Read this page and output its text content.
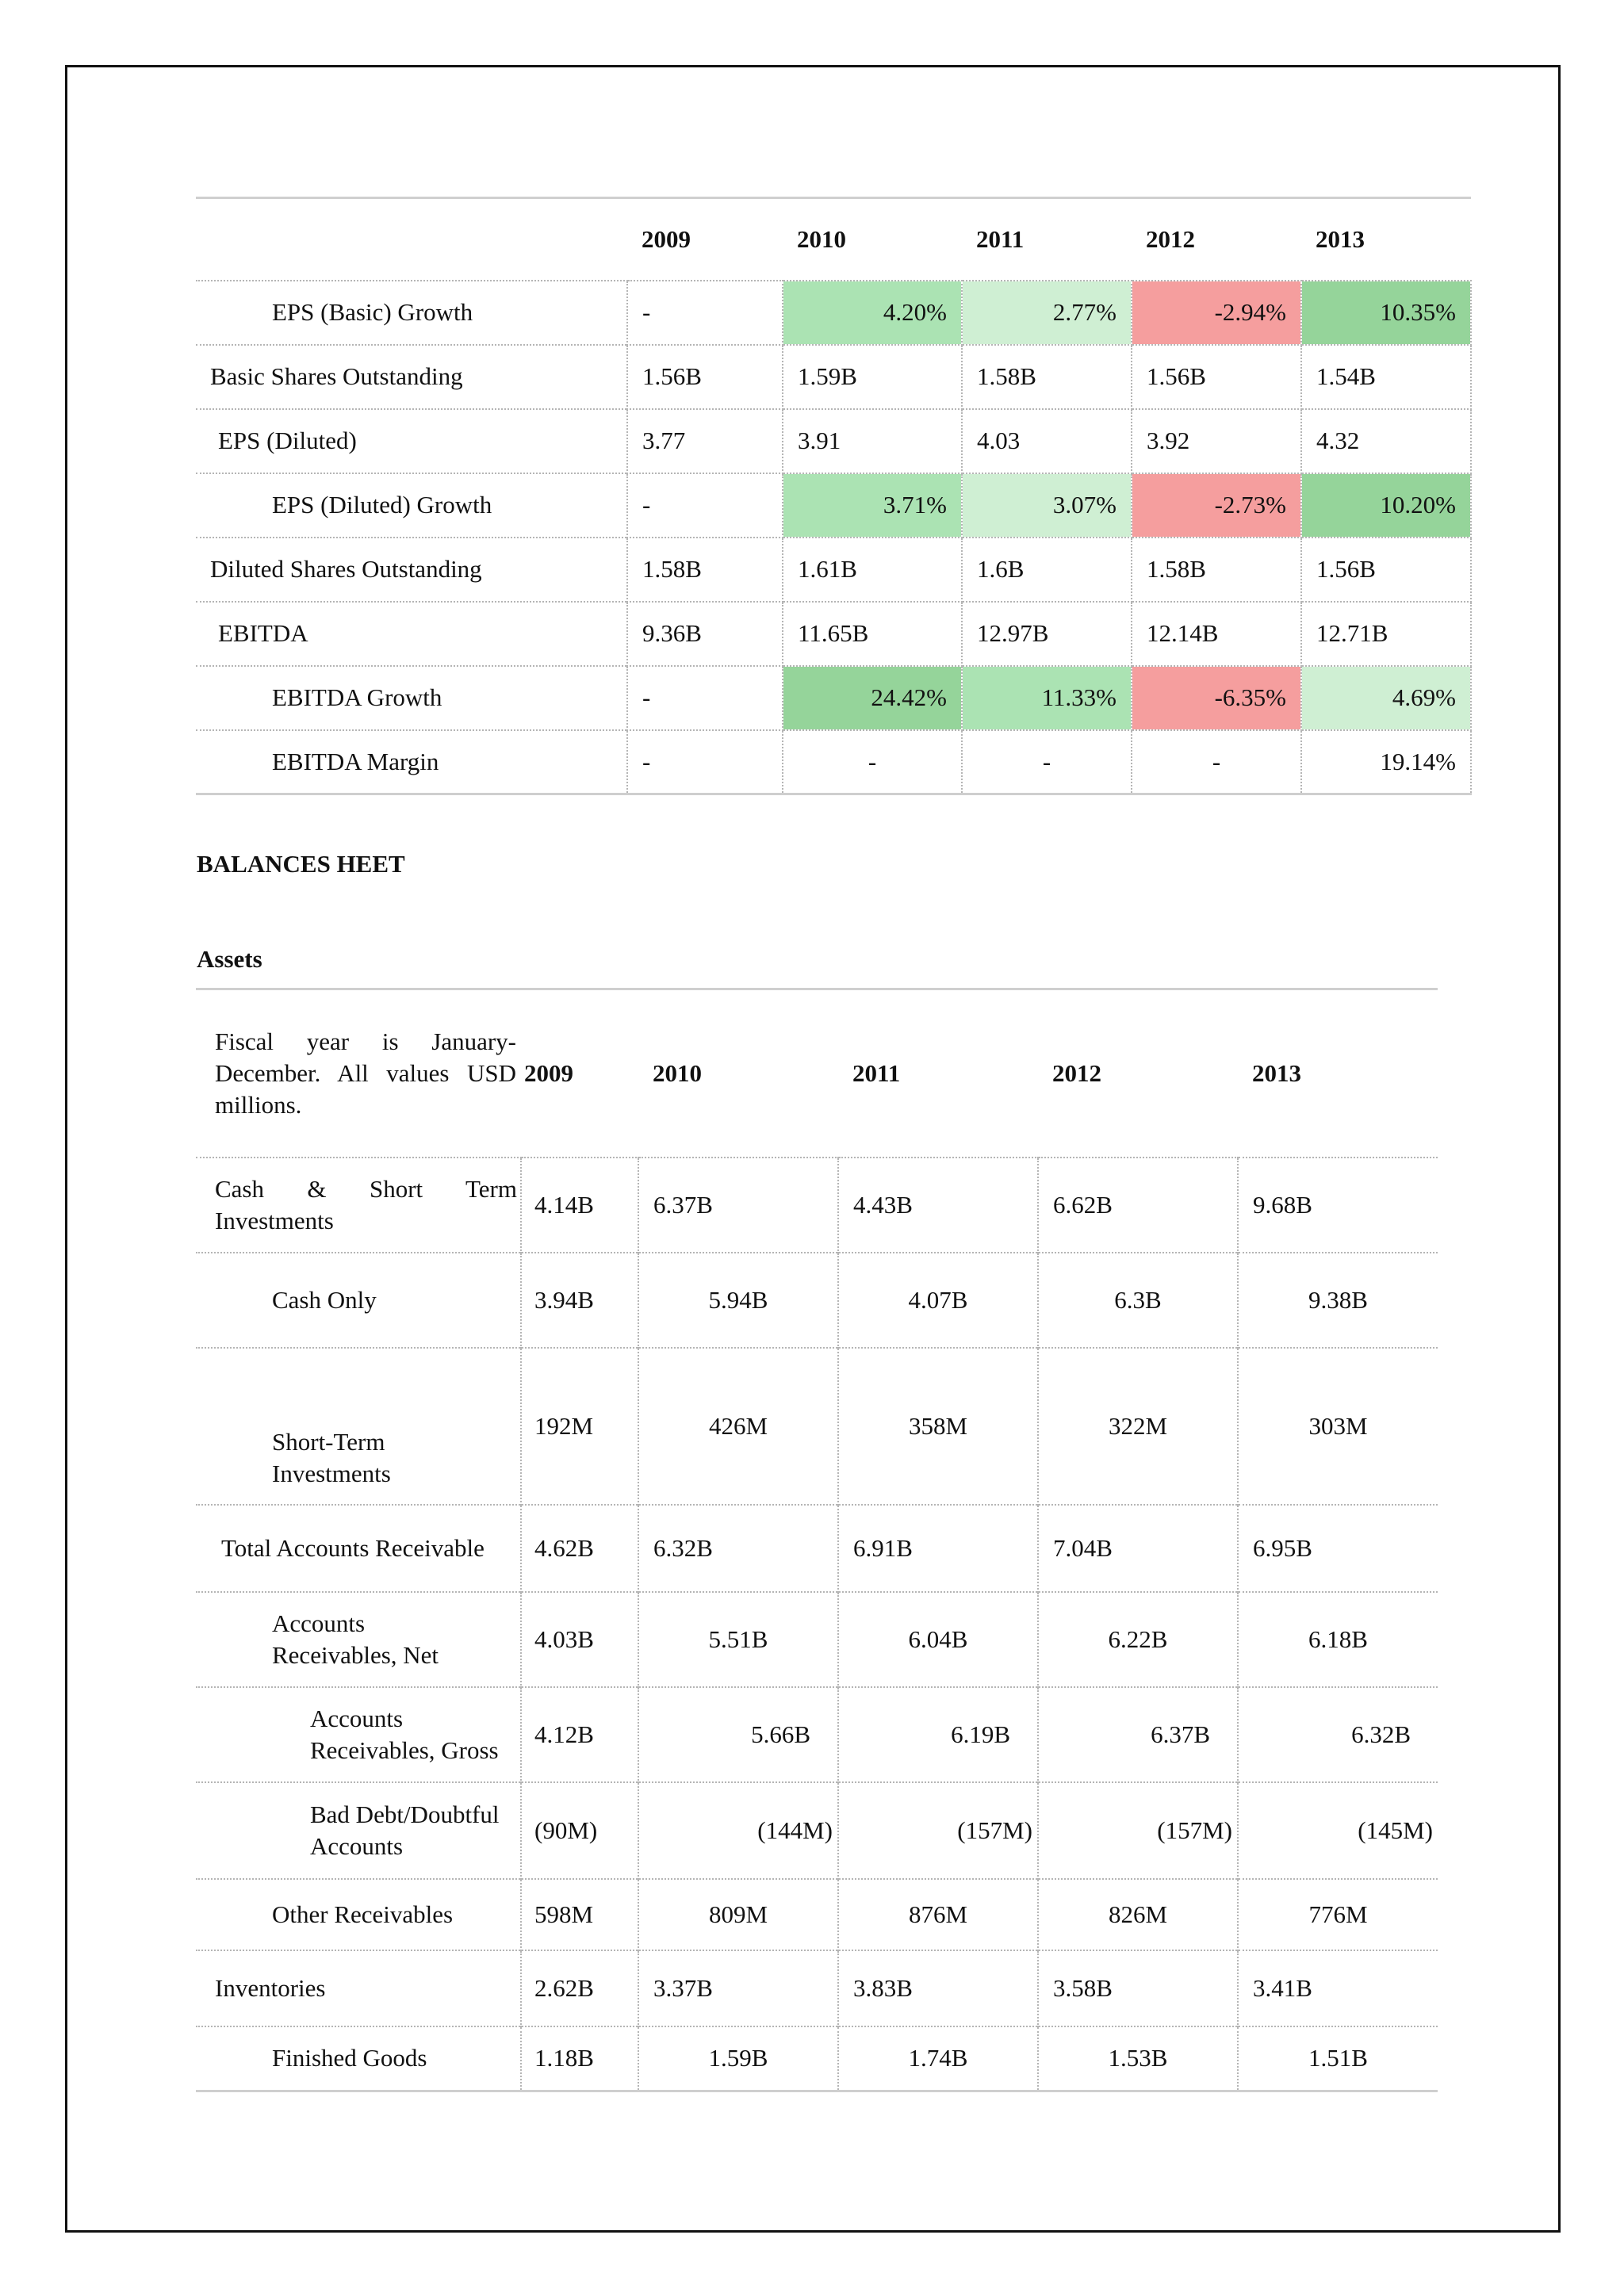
	2009	2010	2011	2012	2013
EPS (Basic) Growth	-	4.20%	2.77%	-2.94%	10.35%
Basic Shares Outstanding	1.56B	1.59B	1.58B	1.56B	1.54B
EPS (Diluted)	3.77	3.91	4.03	3.92	4.32
EPS (Diluted) Growth	-	3.71%	3.07%	-2.73%	10.20%
Diluted Shares Outstanding	1.58B	1.61B	1.6B	1.58B	1.56B
EBITDA	9.36B	11.65B	12.97B	12.14B	12.71B
EBITDA Growth	-	24.42%	11.33%	-6.35%	4.69%
EBITDA Margin	-	-	-	-	19.14%
BALANCES HEET
Assets
Fiscal year is January-December. All values USD millions.	2009	2010	2011	2012	2013

Cash & Short Term Investments	4.14B	6.37B	4.43B	6.62B	9.68B
Cash Only	3.94B	5.94B	4.07B	6.3B	9.38B
Short-Term Investments	192M	426M	358M	322M	303M
Total Accounts Receivable	4.62B	6.32B	6.91B	7.04B	6.95B
Accounts Receivables, Net	4.03B	5.51B	6.04B	6.22B	6.18B
Accounts Receivables, Gross	4.12B	5.66B	6.19B	6.37B	6.32B
Bad Debt/Doubtful Accounts	(90M)	(144M)	(157M)	(157M)	(145M)
Other Receivables	598M	809M	876M	826M	776M
Inventories	2.62B	3.37B	3.83B	3.58B	3.41B
Finished Goods	1.18B	1.59B	1.74B	1.53B	1.51B
